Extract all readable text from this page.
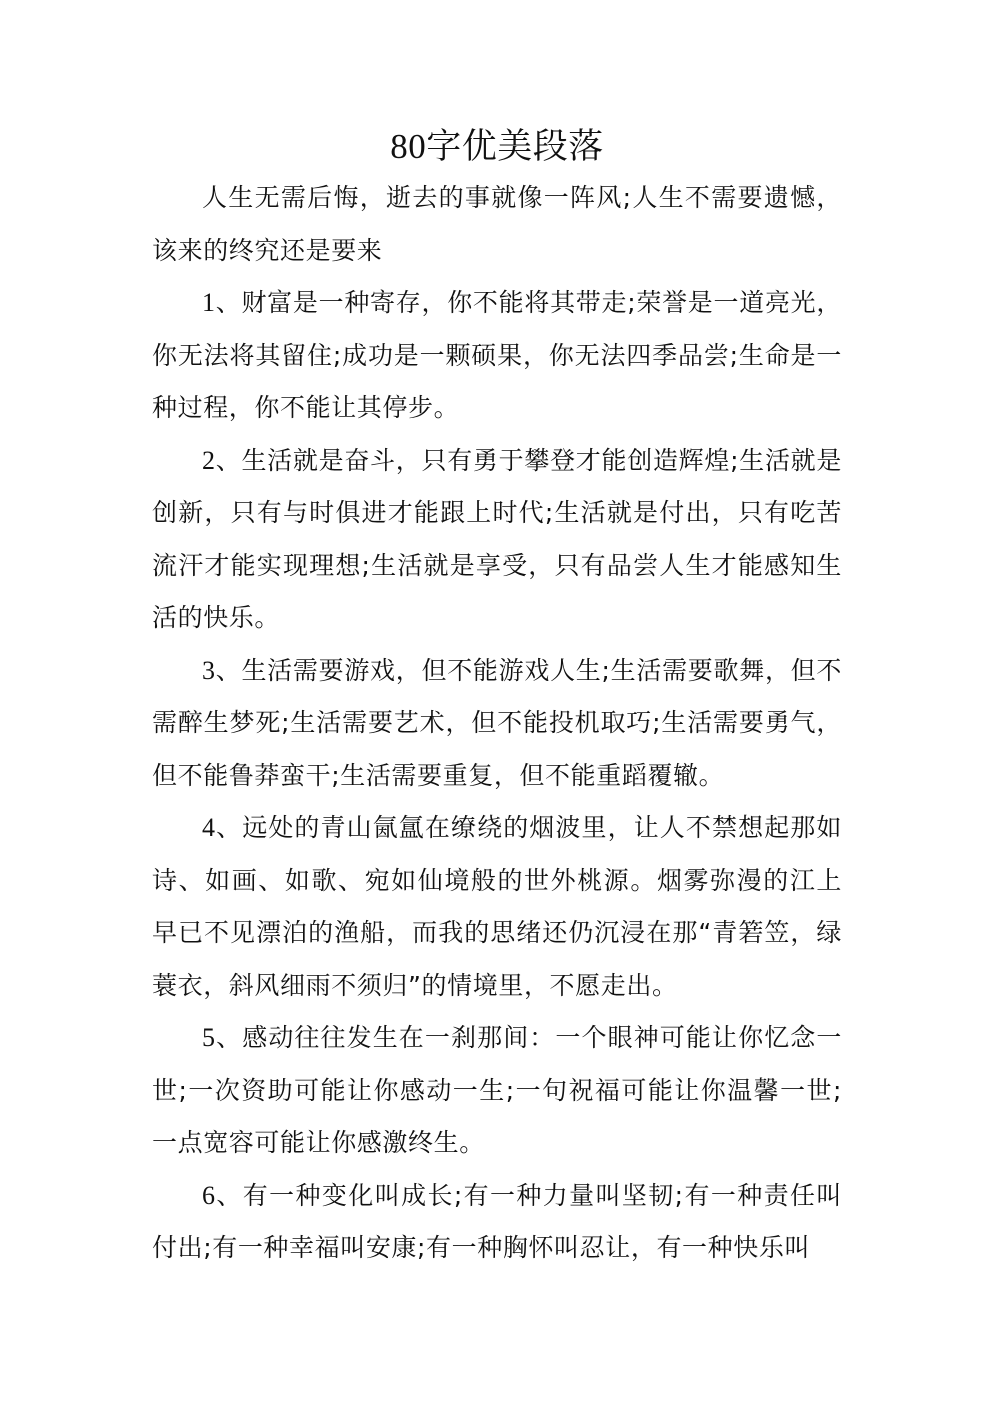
80字优美段落

人生无需后悔，逝去的事就像一阵风;人生不需要遗憾，该来的终究还是要来

1、财富是一种寄存，你不能将其带走;荣誉是一道亮光，你无法将其留住;成功是一颗硕果，你无法四季品尝;生命是一种过程，你不能让其停步。

2、生活就是奋斗，只有勇于攀登才能创造辉煌;生活就是创新，只有与时俱进才能跟上时代;生活就是付出，只有吃苦流汗才能实现理想;生活就是享受，只有品尝人生才能感知生活的快乐。

3、生活需要游戏，但不能游戏人生;生活需要歌舞，但不需醉生梦死;生活需要艺术，但不能投机取巧;生活需要勇气，但不能鲁莽蛮干;生活需要重复，但不能重蹈覆辙。

4、远处的青山氤氲在缭绕的烟波里，让人不禁想起那如诗、如画、如歌、宛如仙境般的世外桃源。烟雾弥漫的江上早已不见漂泊的渔船，而我的思绪还仍沉浸在那“青箬笠，绿蓑衣，斜风细雨不须归”的情境里，不愿走出。

5、感动往往发生在一刹那间：一个眼神可能让你忆念一世;一次资助可能让你感动一生;一句祝福可能让你温馨一世;一点宽容可能让你感激终生。

6、有一种变化叫成长;有一种力量叫坚韧;有一种责任叫付出;有一种幸福叫安康;有一种胸怀叫忍让，有一种快乐叫
